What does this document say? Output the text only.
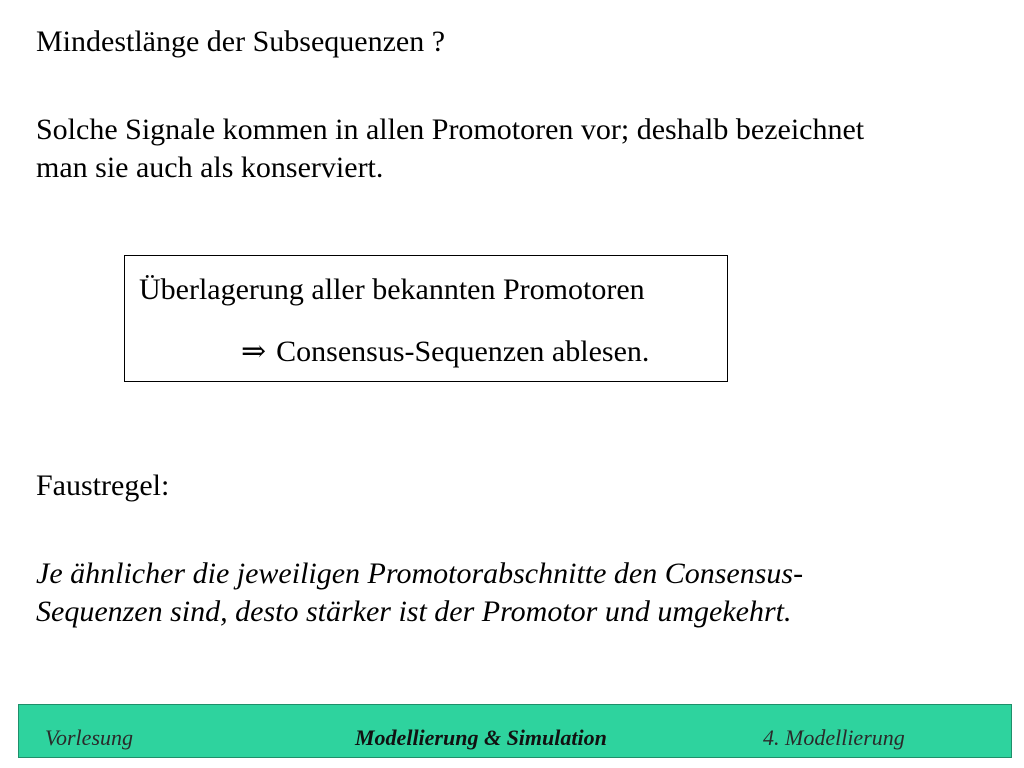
Mindestlänge der Subsequenzen ?
Solche Signale kommen in allen Promotoren vor; deshalb bezeichnet
man sie auch als konserviert.
Überlagerung aller bekannten Promotoren
⇒ Consensus-Sequenzen ablesen.
Faustregel:
Je ähnlicher die jeweiligen Promotorabschnitte den Consensus-
Sequenzen sind, desto stärker ist der Promotor und umgekehrt.
Vorlesung	Modellierung & Simulation	4. Modellierung
